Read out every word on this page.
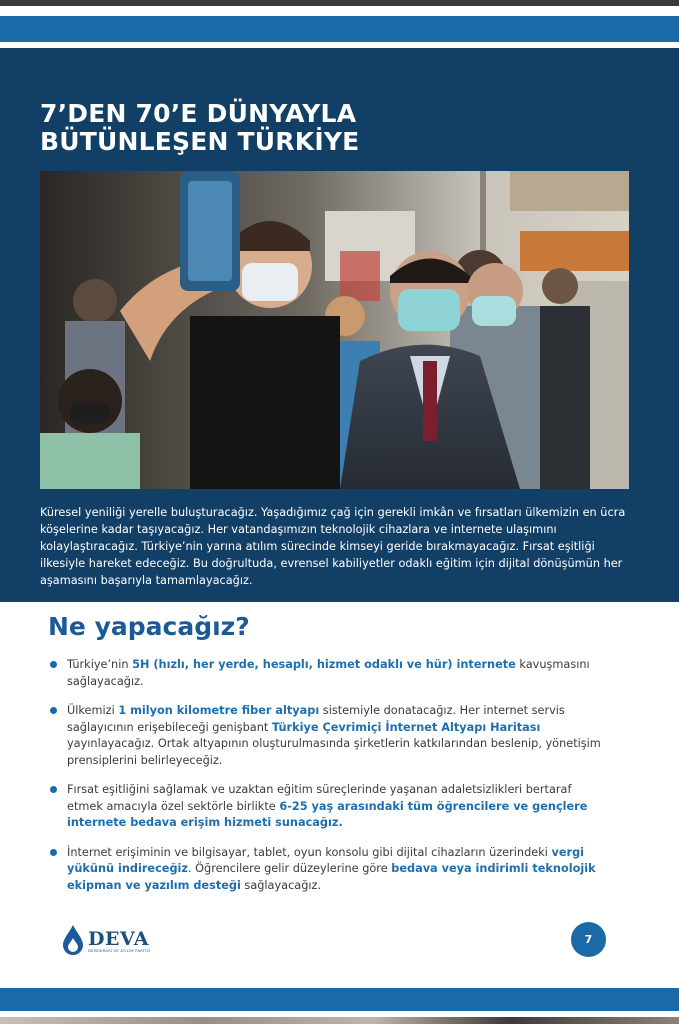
7’DEN 70’E DÜNYAYLA
BÜTÜNLEŞEN TÜRKİYE

Küresel yeniliği yerelle buluşturacağız. Yaşadığımız çağ için gerekli imkân ve fırsatları ülkemizin en ücra köşelerine kadar taşıyacağız. Her vatandaşımızın teknolojik cihazlara ve internete ulaşımını kolaylaştıracağız. Türkiye’nin yarına atılım sürecinde kimseyi geride bırakmayacağız. Fırsat eşitliği ilkesiyle hareket edeceğiz. Bu doğrultuda, evrensel kabiliyetler odaklı eğitim için dijital dönüşümün her aşamasını başarıyla tamamlayacağız.

Ne yapacağız?
Türkiye’nin 5H (hızlı, her yerde, hesaplı, hizmet odaklı ve hür) internete kavuşmasını sağlayacağız.
Ülkemizi 1 milyon kilometre fiber altyapı sistemiyle donatacağız. Her internet servis sağlayıcının erişebileceği genişbant Türkiye Çevrimiçi İnternet Altyapı Haritası yayınlayacağız. Ortak altyapının oluşturulmasında şirketlerin katkılarından beslenip, yönetişim prensiplerini belirleyeceğiz.
Fırsat eşitliğini sağlamak ve uzaktan eğitim süreçlerinde yaşanan adaletsizlikleri bertaraf etmek amacıyla özel sektörle birlikte 6-25 yaş arasındaki tüm öğrencilere ve gençlere internete bedava erişim hizmeti sunacağız.
İnternet erişiminin ve bilgisayar, tablet, oyun konsolu gibi dijital cihazların üzerindeki vergi yükünü indireceğiz. Öğrencilere gelir düzeylerine göre bedava veya indirimli teknolojik ekipman ve yazılım desteği sağlayacağız.
DEVA
DEMOKRASİ VE ATILIM PARTİSİ
7
